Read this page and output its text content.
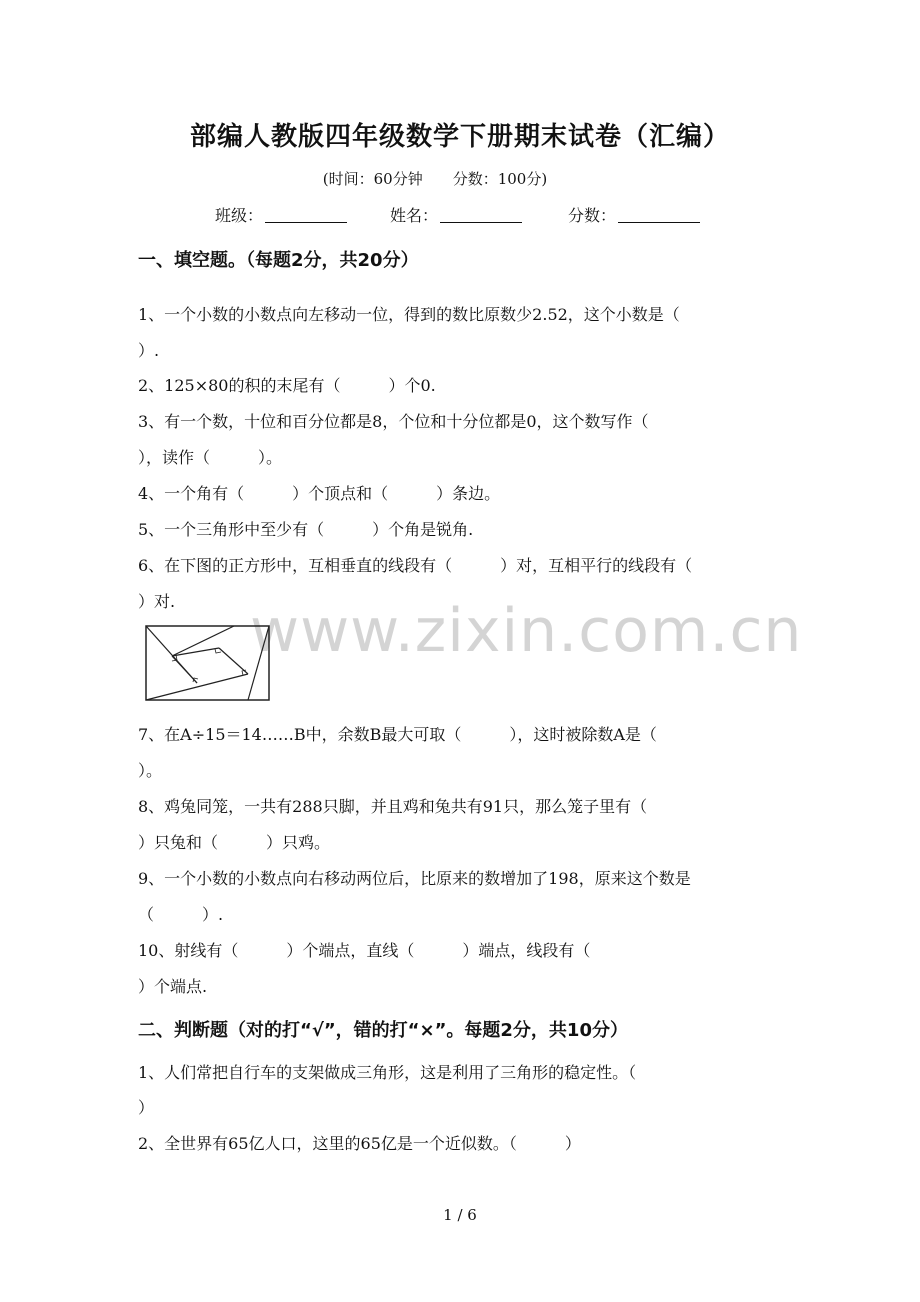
部编人教版四年级数学下册期末试卷（汇编）
(时间：60分钟　　分数：100分)
班级：	姓名：	分数：
一、填空题。（每题2分，共20分）
1、一个小数的小数点向左移动一位，得到的数比原数少2.52，这个小数是（
）.
2、125×80的积的末尾有（　　　）个0.
3、有一个数，十位和百分位都是8，个位和十分位都是0，这个数写作（
），读作（　　　）。
4、一个角有（　　　）个顶点和（　　　）条边。
5、一个三角形中至少有（　　　）个角是锐角.
6、在下图的正方形中，互相垂直的线段有（　　　）对，互相平行的线段有（
）对. www.zixin.com.cn
7、在A÷15＝14……B中，余数B最大可取（　　　），这时被除数A是（
）。
8、鸡兔同笼，一共有288只脚，并且鸡和兔共有91只，那么笼子里有（
）只兔和（　　　）只鸡。
9、一个小数的小数点向右移动两位后，比原来的数增加了198，原来这个数是
（　　　）.
10、射线有（　　　）个端点，直线（　　　）端点，线段有（
）个端点.
二、判断题（对的打“√”，错的打“×”。每题2分，共10分）
1、人们常把自行车的支架做成三角形，这是利用了三角形的稳定性。（
）
2、全世界有65亿人口，这里的65亿是一个近似数。（　　　）
1 / 6
